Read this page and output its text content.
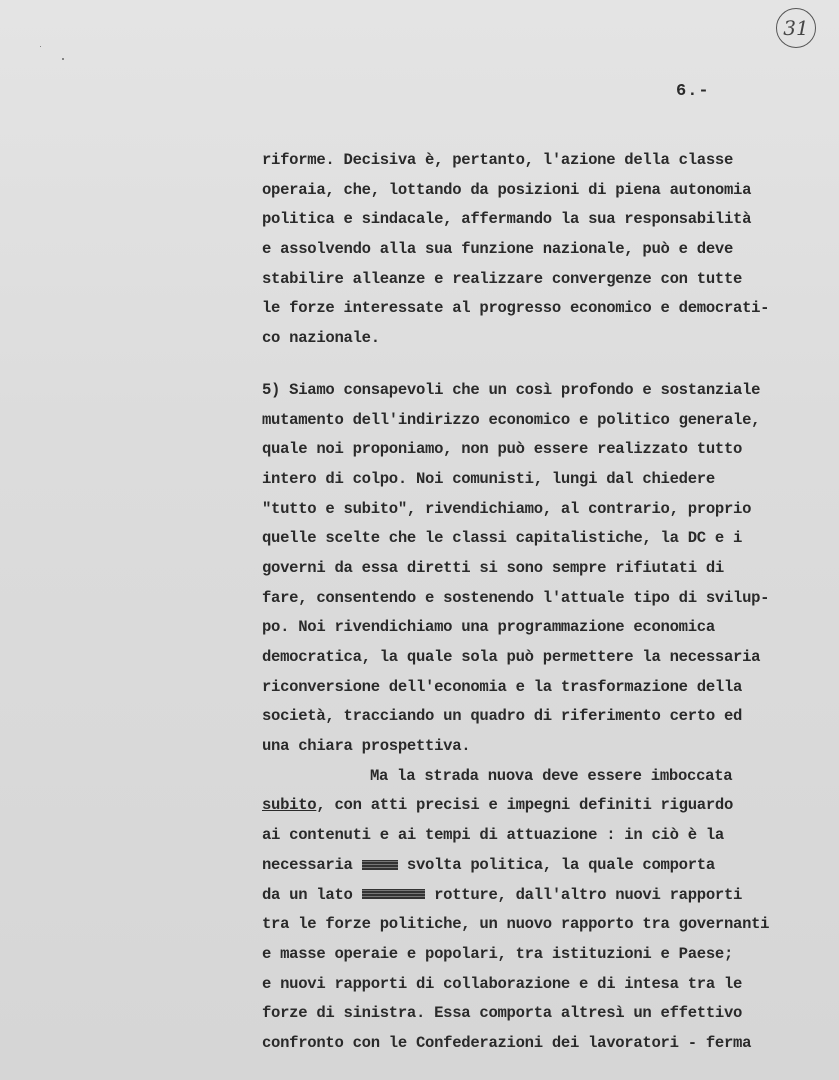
31
6.-
riforme. Decisiva è, pertanto, l'azione della classe
operaia, che, lottando da posizioni di piena autonomia
politica e sindacale, affermando la sua responsabilità
e assolvendo alla sua funzione nazionale, può e deve
stabilire alleanze e realizzare convergenze con tutte
le forze interessate al progresso economico e democrati-
co nazionale.
5) Siamo consapevoli che un così profondo e sostanziale
mutamento dell'indirizzo economico e politico generale,
quale noi proponiamo, non può essere realizzato tutto
intero di colpo. Noi comunisti, lungi dal chiedere
"tutto e subito", rivendichiamo, al contrario, proprio
quelle scelte che le classi capitalistiche, la DC e i
governi da essa diretti si sono sempre rifiutati di
fare, consentendo e sostenendo l'attuale tipo di svilup-
po. Noi rivendichiamo una programmazione economica
democratica, la quale sola può permettere la necessaria
riconversione dell'economia e la trasformazione della
società, tracciando un quadro di riferimento certo ed
una chiara prospettiva.
Ma la strada nuova deve essere imboccata
subito, con atti precisi e impegni definiti riguardo
ai contenuti e ai tempi di attuazione : in ciò è la
necessaria  svolta politica, la quale comporta
da un lato	rotture, dall'altro nuovi rapporti
tra le forze politiche, un nuovo rapporto tra governanti
e masse operaie e popolari, tra istituzioni e Paese;
e nuovi rapporti di collaborazione e di intesa tra le
forze di sinistra. Essa comporta altresì un effettivo
confronto con le Confederazioni dei lavoratori - ferma
